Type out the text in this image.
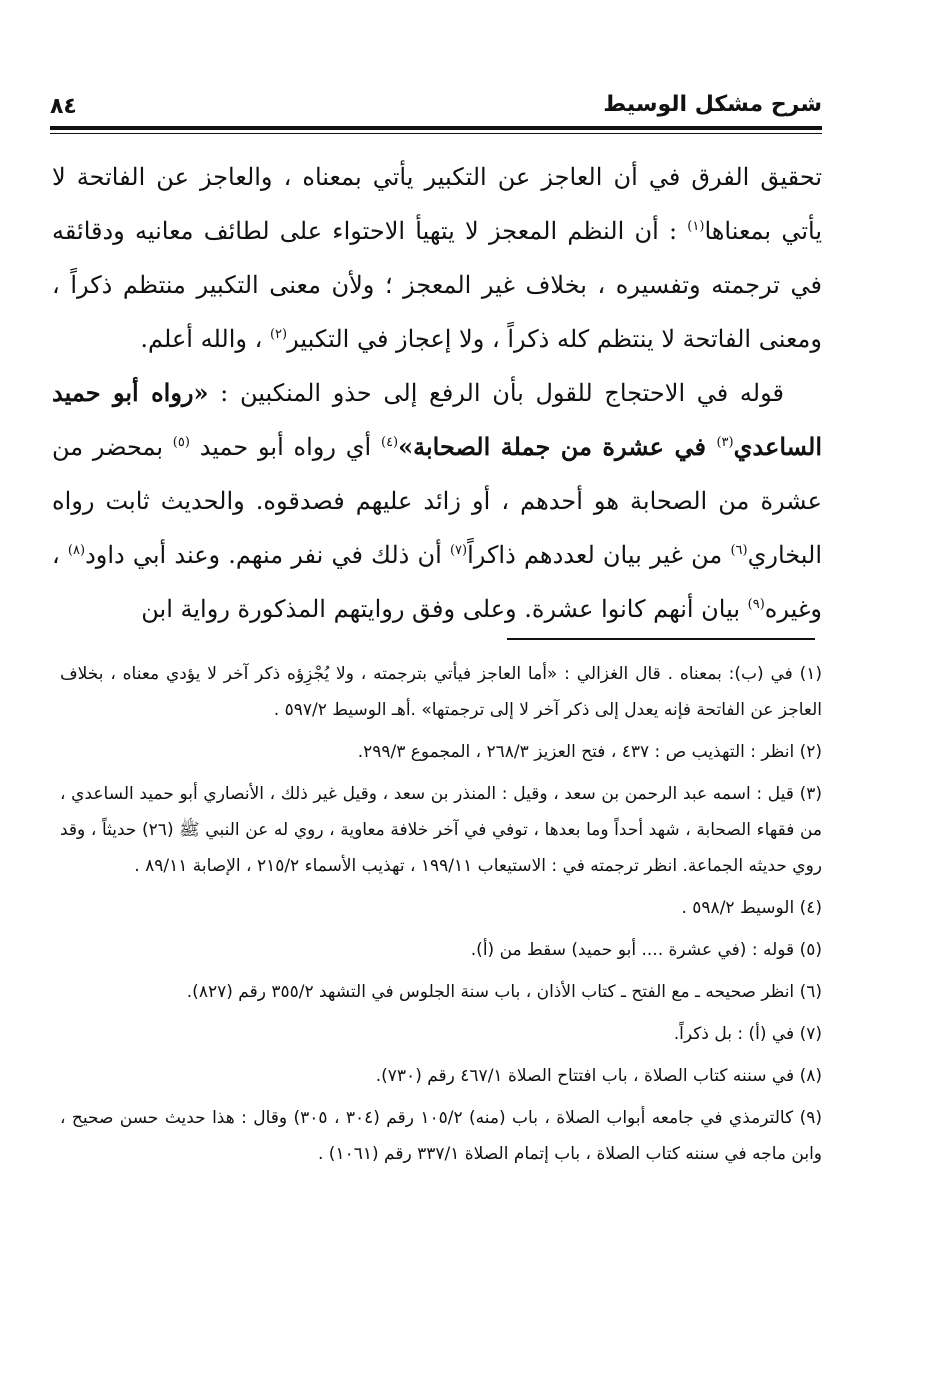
٨٤	شرح مشكل الوسيط

تحقيق الفرق في أن العاجز عن التكبير يأتي بمعناه ، والعاجز عن الفاتحة لا يأتي بمعناها$^{(١)}$ : أن النظم المعجز لا يتهيأ الاحتواء على لطائف معانيه ودقائقه في ترجمته وتفسيره ، بخلاف غير المعجز ؛ ولأن معنى التكبير منتظم ذكراً ، ومعنى الفاتحة لا ينتظم كله ذكراً ، ولا إعجاز في التكبير$^{(٢)}$ ، والله أعلم.

قوله في الاحتجاج للقول بأن الرفع إلى حذو المنكبين : «رواه أبو حميد الساعدي$^{(٣)}$ في عشرة من جملة الصحابة»$^{(٤)}$ أي رواه أبو حميد $^{(٥)}$ بمحضر من عشرة من الصحابة هو أحدهم ، أو زائد عليهم فصدقوه. والحديث ثابت رواه البخاري$^{(٦)}$ من غير بيان لعددهم ذاكراً$^{(٧)}$ أن ذلك في نفر منهم. وعند أبي داود$^{(٨)}$ ، وغيره$^{(٩)}$ بيان أنهم كانوا عشرة. وعلى وفق روايتهم المذكورة رواية ابن

(١) في (ب): بمعناه . قال الغزالي : «أما العاجز فيأتي بترجمته ، ولا يُجْزِؤه ذكر آخر لا يؤدي معناه ، بخلاف العاجز عن الفاتحة فإنه يعدل إلى ذكر آخر لا إلى ترجمتها» .أهـ الوسيط ٥٩٧/٢ .

(٢) انظر : التهذيب ص : ٤٣٧ ، فتح العزيز ٢٦٨/٣ ، المجموع ٢٩٩/٣.

(٣) قيل : اسمه عبد الرحمن بن سعد ، وقيل : المنذر بن سعد ، وقيل غير ذلك ، الأنصاري أبو حميد الساعدي ، من فقهاء الصحابة ، شهد أحداً وما بعدها ، توفي في آخر خلافة معاوية ، روي له عن النبي ﷺ (٢٦) حديثاً ، وقد روي حديثه الجماعة. انظر ترجمته في : الاستيعاب ١٩٩/١١ ، تهذيب الأسماء ٢١٥/٢ ، الإصابة ٨٩/١١ .

(٤) الوسيط ٥٩٨/٢ .

(٥) قوله : (في عشرة .... أبو حميد) سقط من (أ).

(٦) انظر صحيحه ـ مع الفتح ـ كتاب الأذان ، باب سنة الجلوس في التشهد ٣٥٥/٢ رقم (٨٢٧).

(٧) في (أ) : بل ذكراً.

(٨) في سننه كتاب الصلاة ، باب افتتاح الصلاة ٤٦٧/١ رقم (٧٣٠).

(٩) كالترمذي في جامعه أبواب الصلاة ، باب (منه) ١٠٥/٢ رقم (٣٠٤ ، ٣٠٥) وقال : هذا حديث حسن صحيح ، وابن ماجه في سننه كتاب الصلاة ، باب إتمام الصلاة ٣٣٧/١ رقم (١٠٦١) .
